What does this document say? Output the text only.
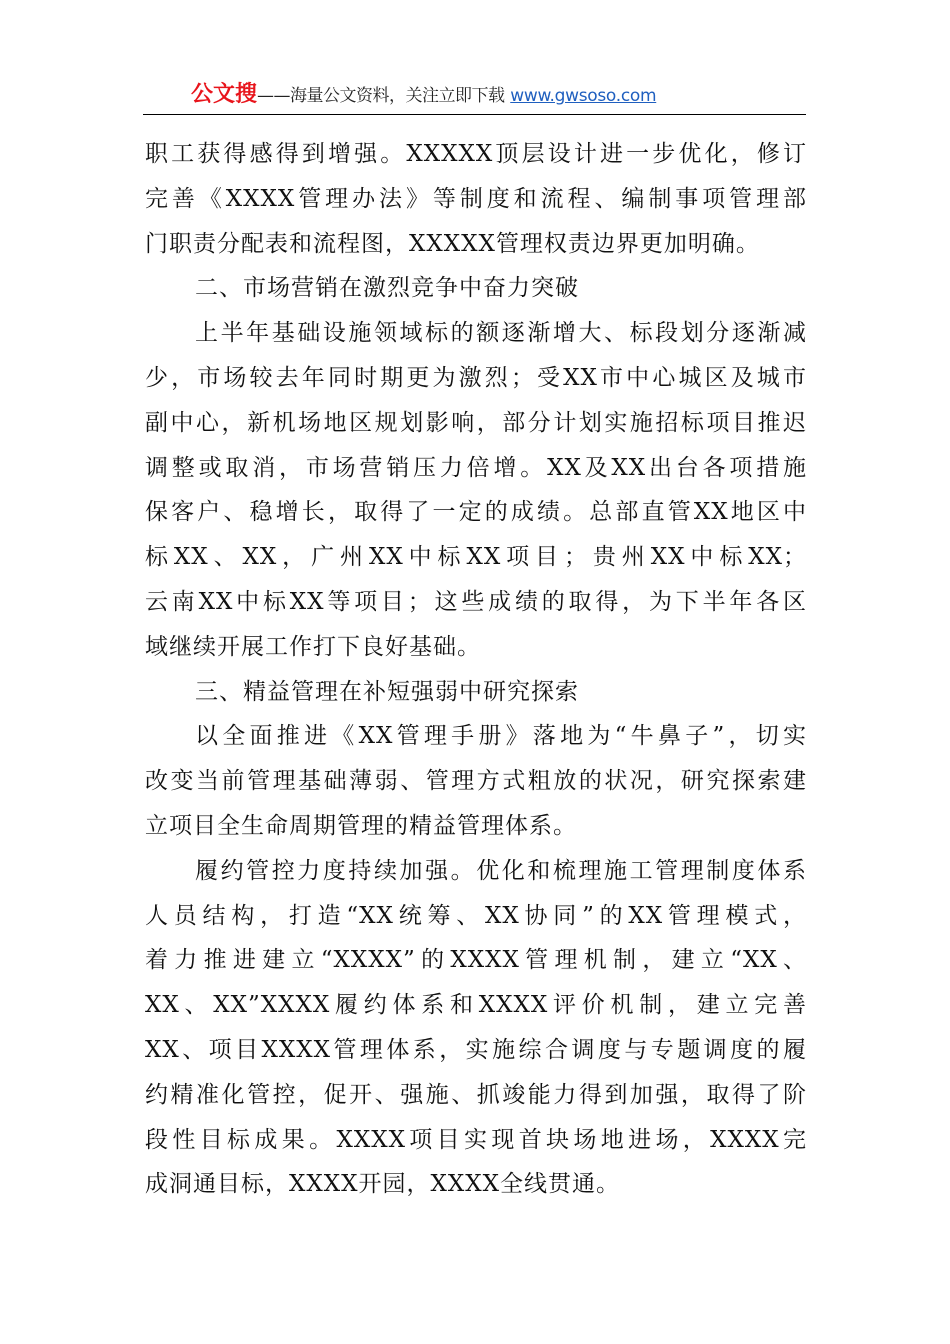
公文搜——海量公文资料，关注立即下载 www.gwsoso.com
职工获得感得到增强。XXXXX顶层设计进一步优化，修订
完善《XXXX管理办法》等制度和流程、编制事项管理部
门职责分配表和流程图，XXXXX管理权责边界更加明确。
二、市场营销在激烈竞争中奋力突破
上半年基础设施领域标的额逐渐增大、标段划分逐渐减
少，市场较去年同时期更为激烈；受XX市中心城区及城市
副中心，新机场地区规划影响，部分计划实施招标项目推迟
调整或取消，市场营销压力倍增。XX及XX出台各项措施
保客户、稳增长，取得了一定的成绩。总部直管XX地区中
标XX、XX，广州XX中标XX项目；贵州XX中标XX；
云南XX中标XX等项目；这些成绩的取得，为下半年各区
域继续开展工作打下良好基础。
三、精益管理在补短强弱中研究探索
以全面推进《XX管理手册》落地为“牛鼻子”，切实
改变当前管理基础薄弱、管理方式粗放的状况，研究探索建
立项目全生命周期管理的精益管理体系。
履约管控力度持续加强。优化和梳理施工管理制度体系
人员结构，打造“XX统筹、XX协同”的XX管理模式，
着力推进建立“XXXX”的XXXX管理机制，建立“XX、
XX、XX”XXXX履约体系和XXXX评价机制，建立完善
XX、项目XXXX管理体系，实施综合调度与专题调度的履
约精准化管控，促开、强施、抓竣能力得到加强，取得了阶
段性目标成果。XXXX项目实现首块场地进场，XXXX完
成洞通目标，XXXX开园，XXXX全线贯通。
